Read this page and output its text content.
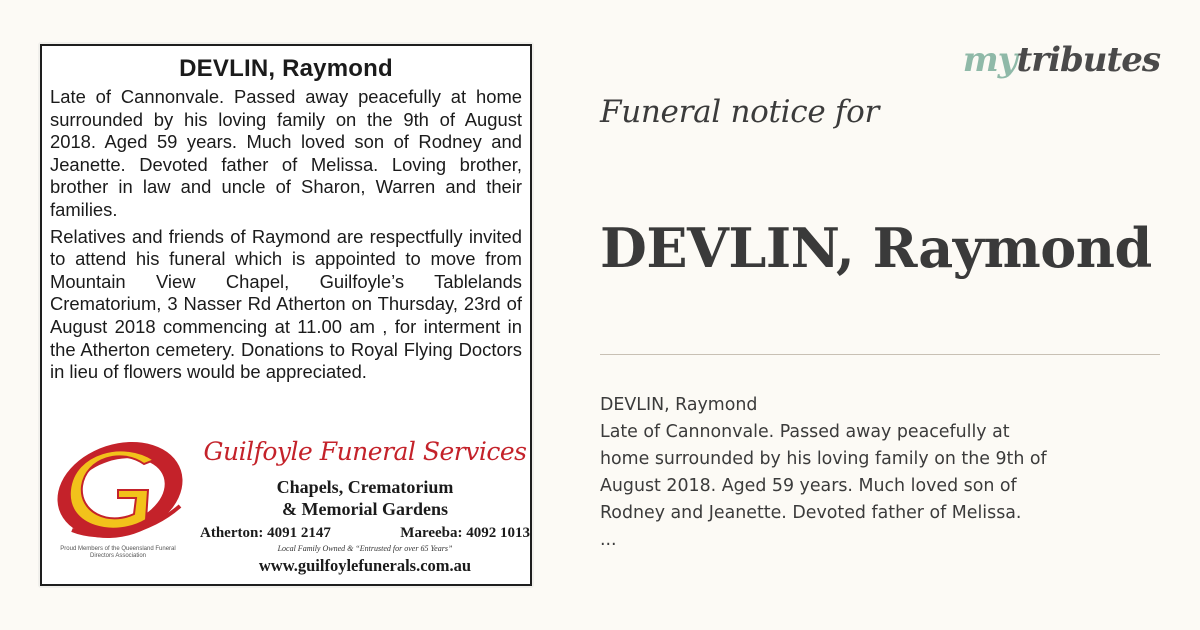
DEVLIN, Raymond

Late of Cannonvale. Passed away peacefully at home surrounded by his loving family on the 9th of August 2018. Aged 59 years. Much loved son of Rodney and Jeanette. Devoted father of Melissa. Loving brother, brother in law and uncle of Sharon, Warren and their families.

Relatives and friends of Raymond are respectfully invited to attend his funeral which is appointed to move from Mountain View Chapel, Guilfoyle’s Tablelands Crematorium, 3 Nasser Rd Atherton on Thursday, 23rd of August 2018 commencing at 11.00 am , for interment in the Atherton cemetery. Donations to Royal Flying Doctors in lieu of flowers would be appreciated.

Proud Members of the Queensland Funeral Directors Association
Guilfoyle Funeral Services
Chapels, Crematorium
& Memorial Gardens
Atherton: 4091 2147	Mareeba: 4092 1013
Local Family Owned & “Entrusted for over 65 Years”
www.guilfoylefunerals.com.au
mytributes
Funeral notice for
DEVLIN, Raymond

DEVLIN, Raymond

Late of Cannonvale. Passed away peacefully at

home surrounded by his loving family on the 9th of

August 2018. Aged 59 years. Much loved son of

Rodney and Jeanette. Devoted father of Melissa.

...
